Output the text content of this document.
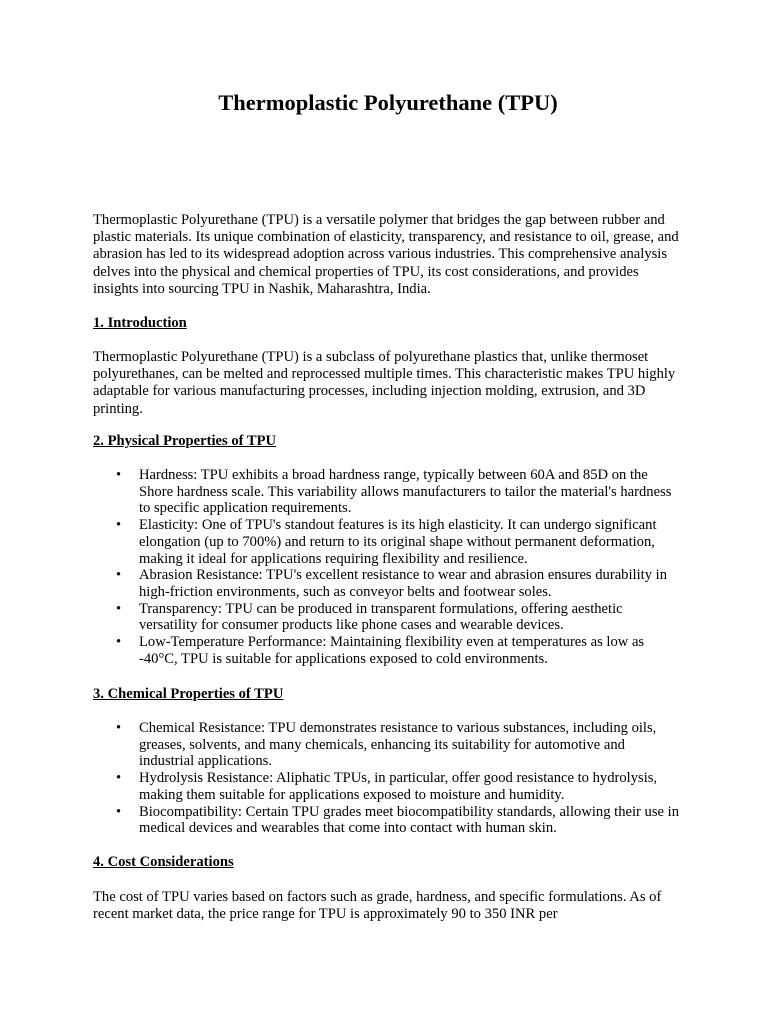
Thermoplastic Polyurethane (TPU)

Thermoplastic Polyurethane (TPU) is a versatile polymer that bridges the gap between rubber and plastic materials. Its unique combination of elasticity, transparency, and resistance to oil, grease, and abrasion has led to its widespread adoption across various industries. This comprehensive analysis delves into the physical and chemical properties of TPU, its cost considerations, and provides insights into sourcing TPU in Nashik, Maharashtra, India.

1. Introduction

Thermoplastic Polyurethane (TPU) is a subclass of polyurethane plastics that, unlike thermoset polyurethanes, can be melted and reprocessed multiple times. This characteristic makes TPU highly adaptable for various manufacturing processes, including injection molding, extrusion, and 3D printing.

2. Physical Properties of TPU
• Hardness: TPU exhibits a broad hardness range, typically between 60A and 85D on the Shore hardness scale. This variability allows manufacturers to tailor the material's hardness to specific application requirements.
• Elasticity: One of TPU's standout features is its high elasticity. It can undergo significant elongation (up to 700%) and return to its original shape without permanent deformation, making it ideal for applications requiring flexibility and resilience.
• Abrasion Resistance: TPU's excellent resistance to wear and abrasion ensures durability in high-friction environments, such as conveyor belts and footwear soles.
• Transparency: TPU can be produced in transparent formulations, offering aesthetic versatility for consumer products like phone cases and wearable devices.
• Low-Temperature Performance: Maintaining flexibility even at temperatures as low as -40°C, TPU is suitable for applications exposed to cold environments.
3. Chemical Properties of TPU
• Chemical Resistance: TPU demonstrates resistance to various substances, including oils, greases, solvents, and many chemicals, enhancing its suitability for automotive and industrial applications.
• Hydrolysis Resistance: Aliphatic TPUs, in particular, offer good resistance to hydrolysis, making them suitable for applications exposed to moisture and humidity.
• Biocompatibility: Certain TPU grades meet biocompatibility standards, allowing their use in medical devices and wearables that come into contact with human skin.
4. Cost Considerations

The cost of TPU varies based on factors such as grade, hardness, and specific formulations. As of recent market data, the price range for TPU is approximately 90 to 350 INR per
